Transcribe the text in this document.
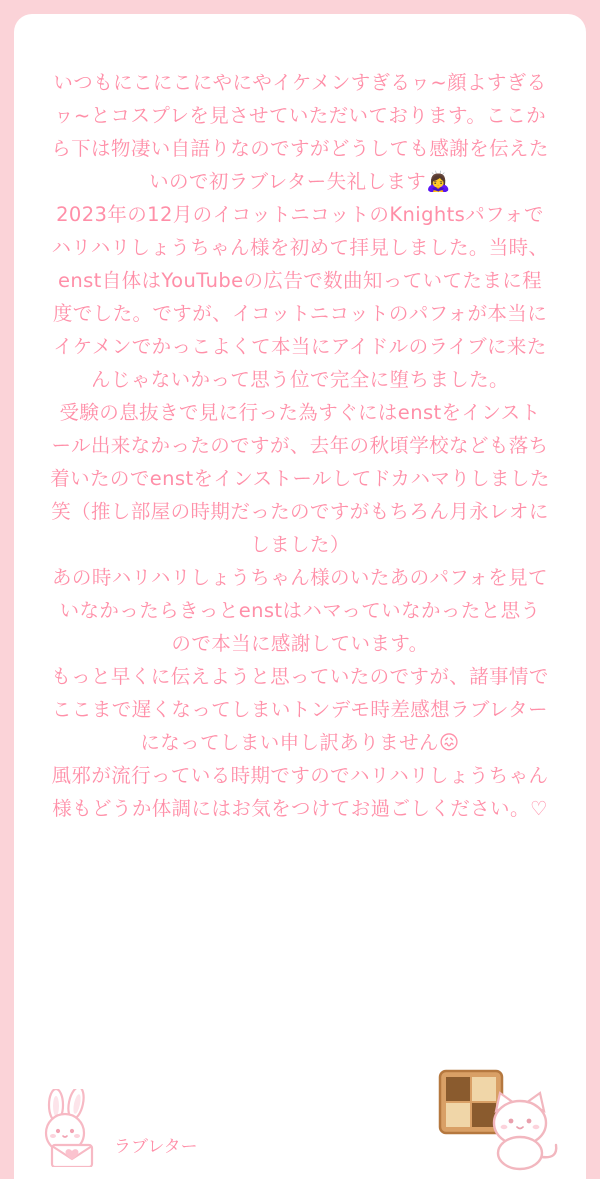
いつもにこにこにやにやイケメンすぎるヮ~顔よすぎるヮ~とコスプレを見させていただいております。ここから下は物凄い自語りなのですがどうしても感謝を伝えたいので初ラブレター失礼します🙇‍♀

2023年の12月のイコットニコットのKnightsパフォでハリハリしょうちゃん様を初めて拝見しました。当時、enst自体はYouTubeの広告で数曲知っていてたまに程度でした。ですが、イコットニコットのパフォが本当にイケメンでかっこよくて本当にアイドルのライブに来たんじゃないかって思う位で完全に堕ちました。

受験の息抜きで見に行った為すぐにはenstをインストール出来なかったのですが、去年の秋頃学校なども落ち着いたのでenstをインストールしてドカハマりしました笑（推し部屋の時期だったのですがもちろん月永レオにしました）

あの時ハリハリしょうちゃん様のいたあのパフォを見ていなかったらきっとenstはハマっていなかったと思うので本当に感謝しています。

もっと早くに伝えようと思っていたのですが、諸事情でここまで遅くなってしまいトンデモ時差感想ラブレターになってしまい申し訳ありません😖

風邪が流行っている時期ですのでハリハリしょうちゃん様もどうか体調にはお気をつけてお過ごしください。♡

ラブレター
